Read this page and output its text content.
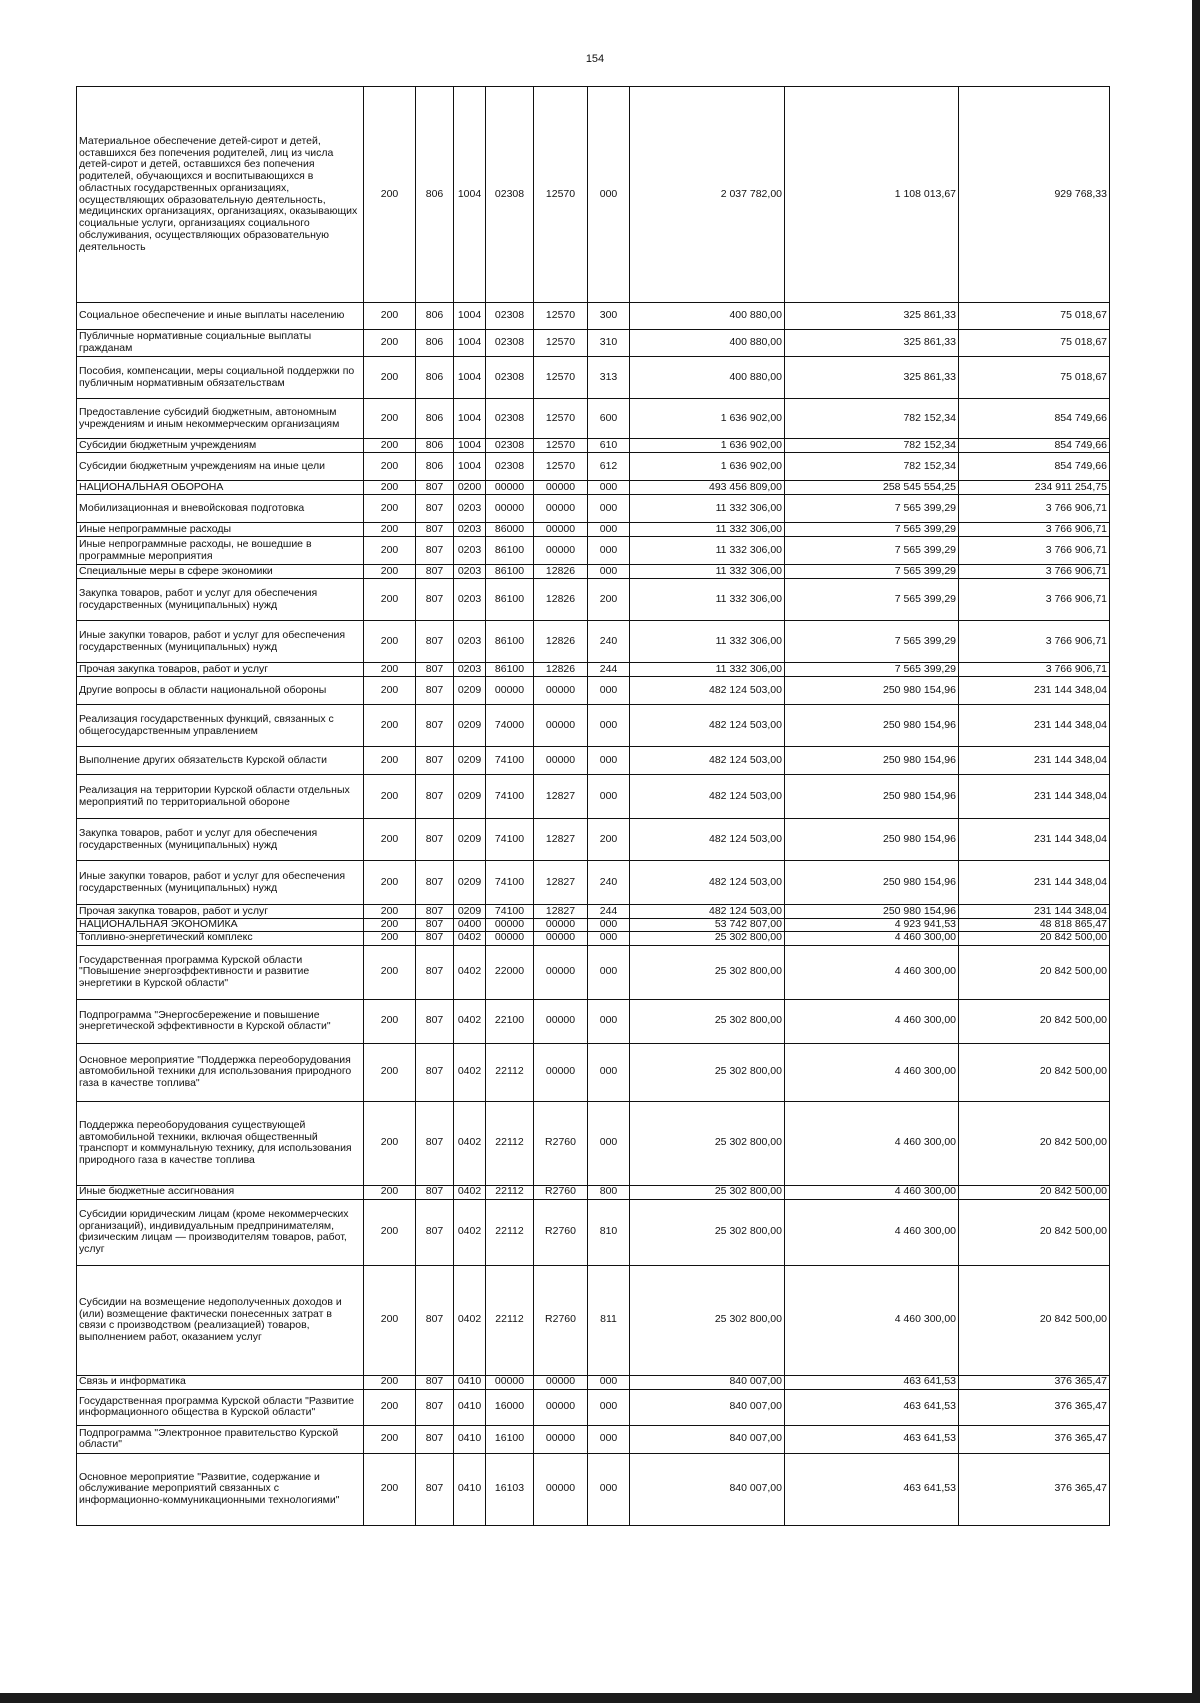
154
Материальное обеспечение детей-сирот и детей, оставшихся без попечения родителей, лиц из числа детей-сирот и детей, оставшихся без попечения родителей, обучающихся и воспитывающихся в областных государственных организациях, осуществляющих образовательную деятельность, медицинских организациях, организациях, оказывающих социальные услуги, организациях социального обслуживания, осуществляющих образовательную деятельность	200	806	1004	02308	12570	000	2 037 782,00	1 108 013,67	929 768,33
Социальное обеспечение и иные выплаты населению	200	806	1004	02308	12570	300	400 880,00	325 861,33	75 018,67
Публичные нормативные социальные выплаты гражданам	200	806	1004	02308	12570	310	400 880,00	325 861,33	75 018,67
Пособия, компенсации, меры социальной поддержки по публичным нормативным обязательствам	200	806	1004	02308	12570	313	400 880,00	325 861,33	75 018,67
Предоставление субсидий бюджетным, автономным учреждениям и иным некоммерческим организациям	200	806	1004	02308	12570	600	1 636 902,00	782 152,34	854 749,66
Субсидии бюджетным учреждениям	200	806	1004	02308	12570	610	1 636 902,00	782 152,34	854 749,66
Субсидии бюджетным учреждениям на иные цели	200	806	1004	02308	12570	612	1 636 902,00	782 152,34	854 749,66
НАЦИОНАЛЬНАЯ ОБОРОНА	200	807	0200	00000	00000	000	493 456 809,00	258 545 554,25	234 911 254,75
Мобилизационная и вневойсковая подготовка	200	807	0203	00000	00000	000	11 332 306,00	7 565 399,29	3 766 906,71
Иные непрограммные расходы	200	807	0203	86000	00000	000	11 332 306,00	7 565 399,29	3 766 906,71
Иные непрограммные расходы, не вошедшие в программные мероприятия	200	807	0203	86100	00000	000	11 332 306,00	7 565 399,29	3 766 906,71
Специальные меры в сфере экономики	200	807	0203	86100	12826	000	11 332 306,00	7 565 399,29	3 766 906,71
Закупка товаров, работ и услуг для обеспечения государственных (муниципальных) нужд	200	807	0203	86100	12826	200	11 332 306,00	7 565 399,29	3 766 906,71
Иные закупки товаров, работ и услуг для обеспечения государственных (муниципальных) нужд	200	807	0203	86100	12826	240	11 332 306,00	7 565 399,29	3 766 906,71
Прочая закупка товаров, работ и услуг	200	807	0203	86100	12826	244	11 332 306,00	7 565 399,29	3 766 906,71
Другие вопросы в области национальной обороны	200	807	0209	00000	00000	000	482 124 503,00	250 980 154,96	231 144 348,04
Реализация государственных функций, связанных с общегосударственным управлением	200	807	0209	74000	00000	000	482 124 503,00	250 980 154,96	231 144 348,04
Выполнение других обязательств Курской области	200	807	0209	74100	00000	000	482 124 503,00	250 980 154,96	231 144 348,04
Реализация на территории Курской области отдельных мероприятий по территориальной обороне	200	807	0209	74100	12827	000	482 124 503,00	250 980 154,96	231 144 348,04
Закупка товаров, работ и услуг для обеспечения государственных (муниципальных) нужд	200	807	0209	74100	12827	200	482 124 503,00	250 980 154,96	231 144 348,04
Иные закупки товаров, работ и услуг для обеспечения государственных (муниципальных) нужд	200	807	0209	74100	12827	240	482 124 503,00	250 980 154,96	231 144 348,04
Прочая закупка товаров, работ и услуг	200	807	0209	74100	12827	244	482 124 503,00	250 980 154,96	231 144 348,04
НАЦИОНАЛЬНАЯ ЭКОНОМИКА	200	807	0400	00000	00000	000	53 742 807,00	4 923 941,53	48 818 865,47
Топливно-энергетический комплекс	200	807	0402	00000	00000	000	25 302 800,00	4 460 300,00	20 842 500,00
Государственная программа Курской области "Повышение энергоэффективности и развитие энергетики в Курской области"	200	807	0402	22000	00000	000	25 302 800,00	4 460 300,00	20 842 500,00
Подпрограмма "Энергосбережение и повышение энергетической эффективности в Курской области"	200	807	0402	22100	00000	000	25 302 800,00	4 460 300,00	20 842 500,00
Основное мероприятие "Поддержка переоборудования автомобильной техники для использования природного газа в качестве топлива"	200	807	0402	22112	00000	000	25 302 800,00	4 460 300,00	20 842 500,00
Поддержка переоборудования существующей автомобильной техники, включая общественный транспорт и коммунальную технику, для использования природного газа в качестве топлива	200	807	0402	22112	R2760	000	25 302 800,00	4 460 300,00	20 842 500,00
Иные бюджетные ассигнования	200	807	0402	22112	R2760	800	25 302 800,00	4 460 300,00	20 842 500,00
Субсидии юридическим лицам (кроме некоммерческих организаций), индивидуальным предпринимателям, физическим лицам — производителям товаров, работ, услуг	200	807	0402	22112	R2760	810	25 302 800,00	4 460 300,00	20 842 500,00
Субсидии на возмещение недополученных доходов и (или) возмещение фактически понесенных затрат в связи с производством (реализацией) товаров, выполнением работ, оказанием услуг	200	807	0402	22112	R2760	811	25 302 800,00	4 460 300,00	20 842 500,00
Связь и информатика	200	807	0410	00000	00000	000	840 007,00	463 641,53	376 365,47
Государственная программа Курской области "Развитие информационного общества в Курской области"	200	807	0410	16000	00000	000	840 007,00	463 641,53	376 365,47
Подпрограмма "Электронное правительство Курской области"	200	807	0410	16100	00000	000	840 007,00	463 641,53	376 365,47
Основное мероприятие "Развитие, содержание и обслуживание мероприятий связанных с информационно-коммуникационными технологиями"	200	807	0410	16103	00000	000	840 007,00	463 641,53	376 365,47
